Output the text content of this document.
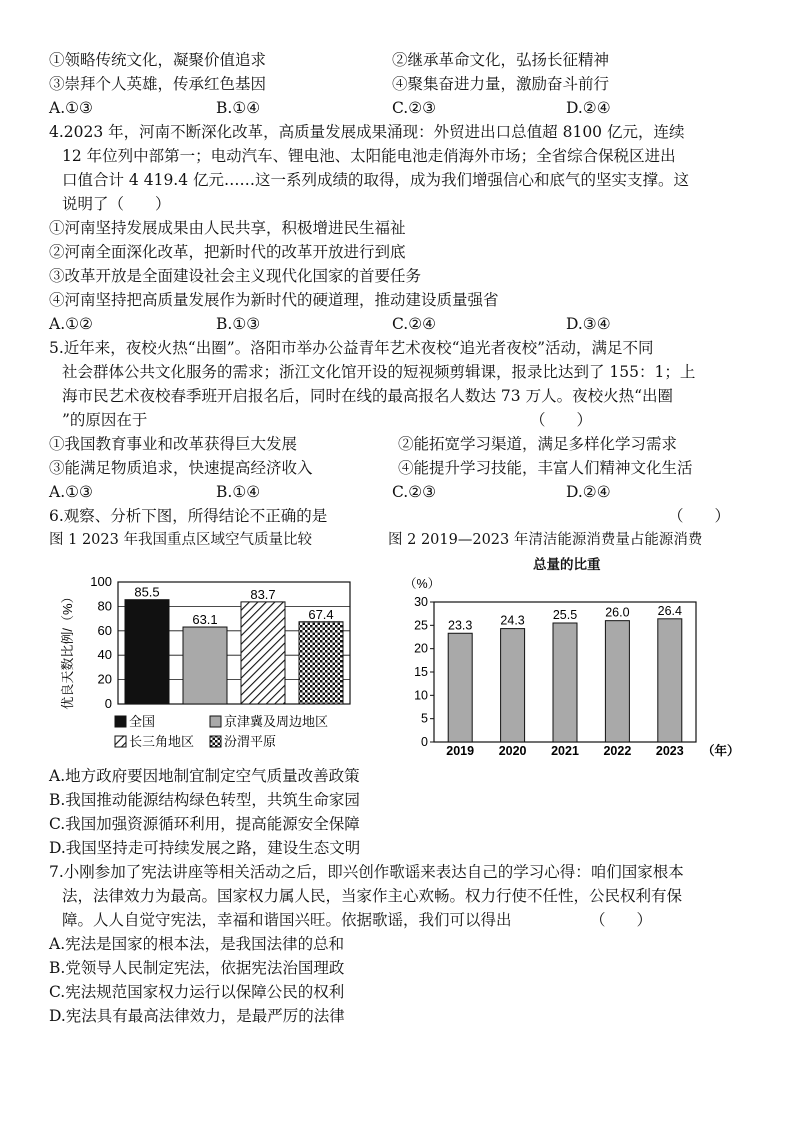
①领略传统文化，凝聚价值追求	②继承革命文化，弘扬长征精神
③崇拜个人英雄，传承红色基因	④聚集奋进力量，激励奋斗前行
A.①③	B.①④	C.②③	D.②④
4.2023 年，河南不断深化改革，高质量发展成果涌现：外贸进出口总值超 8100 亿元，连续
12 年位列中部第一；电动汽车、锂电池、太阳能电池走俏海外市场；全省综合保税区进出
口值合计 4 419.4 亿元……这一系列成绩的取得，成为我们增强信心和底气的坚实支撑。这
说明了（　　）
①河南坚持发展成果由人民共享，积极增进民生福祉
②河南全面深化改革，把新时代的改革开放进行到底
③改革开放是全面建设社会主义现代化国家的首要任务
④河南坚持把高质量发展作为新时代的硬道理，推动建设质量强省
A.①②	B.①③	C.②④	D.③④
5.近年来，夜校火热“出圈”。洛阳市举办公益青年艺术夜校“追光者夜校”活动，满足不同
社会群体公共文化服务的需求；浙江文化馆开设的短视频剪辑课，报录比达到了 155：1；上
海市民艺术夜校春季班开启报名后，同时在线的最高报名人数达 73 万人。夜校火热“出圈
”的原因在于	（　　）
①我国教育事业和改革获得巨大发展	②能拓宽学习渠道，满足多样化学习需求
③能满足物质追求，快速提高经济收入	④能提升学习技能，丰富人们精神文化生活
A.①③	B.①④	C.②③	D.②④
6.观察、分析下图，所得结论不正确的是	（　　）
图 1 2023 年我国重点区域空气质量比较	图 2 2019—2023 年清洁能源消费量占能源消费
总量的比重
优良天数比例/（%） 0
20
40
60
80
100
85.5
63.1
83.7
67.4
全国	京津冀及周边地区
长三角地区 汾渭平原
（%）
（年）
0
5
10
15
20
25
30
23.3
2019
24.3
2020
25.5
2021
26.0
2022
26.4
2023
A.地方政府要因地制宜制定空气质量改善政策
B.我国推动能源结构绿色转型，共筑生命家园
C.我国加强资源循环利用，提高能源安全保障
D.我国坚持走可持续发展之路，建设生态文明
7.小刚参加了宪法讲座等相关活动之后，即兴创作歌谣来表达自己的学习心得：咱们国家根本
法，法律效力为最高。国家权力属人民，当家作主心欢畅。权力行使不任性，公民权利有保
障。人人自觉守宪法，幸福和谐国兴旺。依据歌谣，我们可以得出	（　　）
A.宪法是国家的根本法，是我国法律的总和
B.党领导人民制定宪法，依据宪法治国理政
C.宪法规范国家权力运行以保障公民的权利
D.宪法具有最高法律效力，是最严厉的法律
